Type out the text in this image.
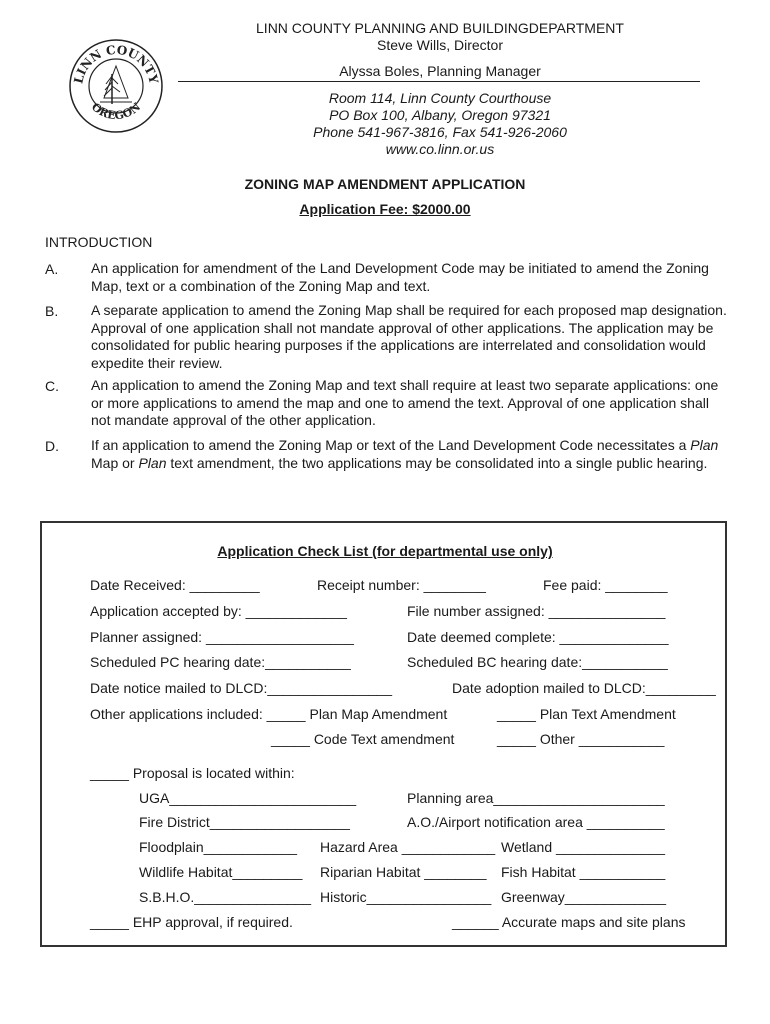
LINN COUNTY
OREGON
LINN COUNTY PLANNING AND BUILDINGDEPARTMENT
Steve Wills, Director
Alyssa Boles, Planning Manager
Room 114, Linn County Courthouse
PO Box 100, Albany, Oregon 97321
Phone 541-967-3816, Fax 541-926-2060
www.co.linn.or.us
ZONING MAP AMENDMENT APPLICATION
Application Fee: $2000.00
INTRODUCTION
A. An application for amendment of the Land Development Code may be initiated to amend the Zoning Map, text or a combination of the Zoning Map and text.
B. A separate application to amend the Zoning Map shall be required for each proposed map designation. Approval of one application shall not mandate approval of other applications. The application may be consolidated for public hearing purposes if the applications are interrelated and consolidation would expedite their review.
C. An application to amend the Zoning Map and text shall require at least two separate applications: one or more applications to amend the map and one to amend the text. Approval of one application shall not mandate approval of the other application.
D. If an application to amend the Zoning Map or text of the Land Development Code necessitates a Plan Map or Plan text amendment, the two applications may be consolidated into a single public hearing.
Application Check List (for departmental use only)
Date Received: _________	Receipt number: ________	Fee paid: ________
Application accepted by: _____________	File number assigned: _______________
Planner assigned: ___________________	Date deemed complete: ______________
Scheduled PC hearing date:___________	Scheduled BC hearing date:___________
Date notice mailed to DLCD:________________	Date adoption mailed to DLCD:_________
Other applications included: _____ Plan Map Amendment	_____ Plan Text Amendment
_____ Code Text amendment	_____ Other ___________
_____ Proposal is located within:
UGA________________________	Planning area______________________
Fire District__________________	A.O./Airport notification area __________
Floodplain____________ Hazard Area ____________ Wetland ______________
Wildlife Habitat_________ Riparian Habitat ________ Fish Habitat ___________
S.B.H.O._______________ Historic________________ Greenway_____________
_____ EHP approval, if required.	______ Accurate maps and site plans
